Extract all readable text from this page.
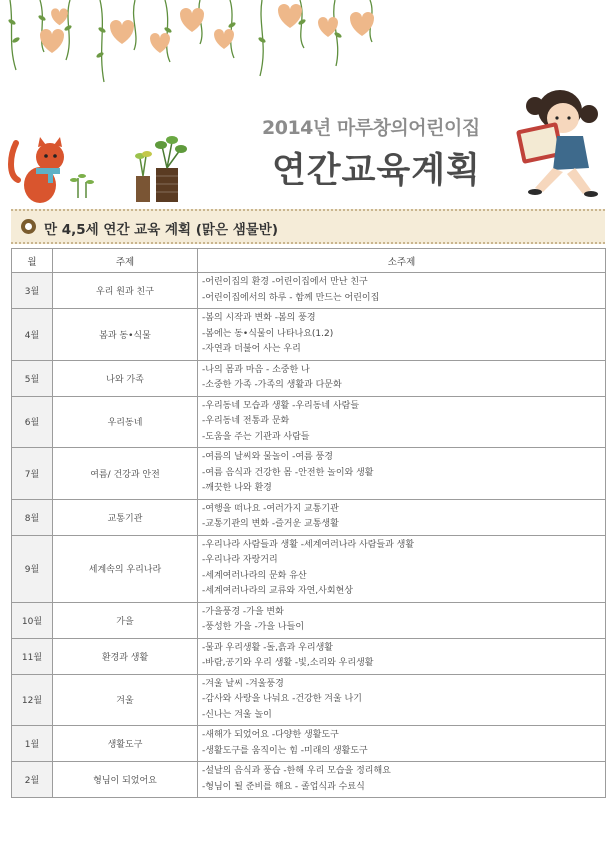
2014년 마루창의어린이집
연간교육계획
만 4,5세 연간 교육 계획 (맑은 샘물반)
월	주제	소주제
3월	우리 원과 친구	-어린이집의 환경 -어린이집에서 만난 친구
-어린이집에서의 하루 - 함께 만드는 어린이집

4월	봄과 동•식물	-봄의 시작과 변화 -봄의 풍경
-봄에는 동•식물이 나타나요(1.2)
-자연과 더불어 사는 우리

5월	나와 가족	-나의 몸과 마음 - 소중한 나
-소중한 가족 -가족의 생활과 다문화

6월	우리동네	-우리동네 모습과 생활 -우리동네 사람들
-우리동네 전통과 문화
-도움을 주는 기관과 사람들

7월	여름/ 건강과 안전	-여름의 날씨와 물놀이 -여름 풍경
-여름 음식과 건강한 몸 -안전한 놀이와 생활
-깨끗한 나와 환경

8월	교통기관	-여행을 떠나요 -여러가지 교통기관
-교통기관의 변화 -즐거운 교통생활

9월	세계속의 우리나라	-우리나라 사람들과 생활 -세계여러나라 사람들과 생활
-우리나라 자랑거리
-세계여러나라의 문화 유산
-세계여러나라의 교류와 자연,사회현상

10월	가을	-가을풍경 -가을 변화
-풍성한 가을 -가을 나들이

11월	환경과 생활	-물과 우리생활 -돌,흙과 우리생활
-바람,공기와 우리 생활 -빛,소리와 우리생활

12월	겨울	-겨울 날씨 -겨울풍경
-감사와 사랑을 나눠요 -건강한 겨울 나기
-신나는 겨울 놀이

1월	생활도구	-새해가 되었어요 -다양한 생활도구
-생활도구를 움직이는 힘 -미래의 생활도구

2월	형님이 되었어요	-설날의 음식과 풍습 -한해 우리 모습을 정리해요
-형님이 될 준비를 해요 - 졸업식과 수료식
